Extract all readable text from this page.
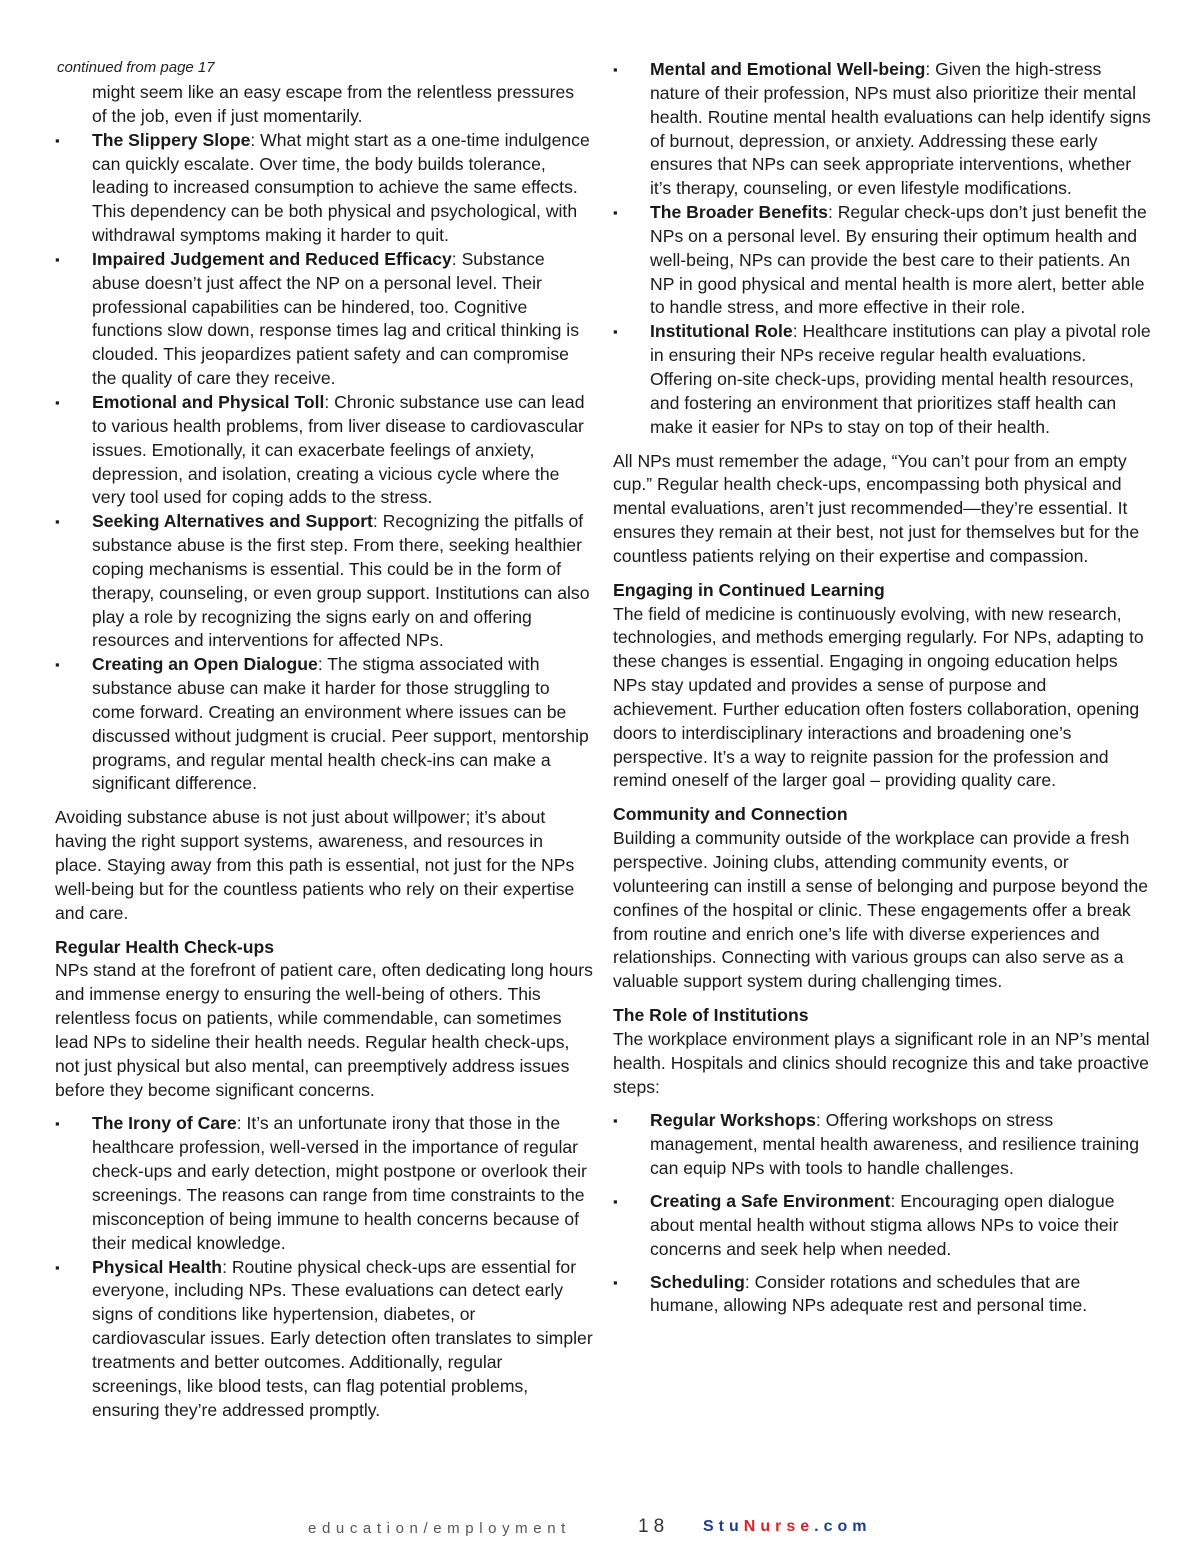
continued from page 17

might seem like an easy escape from the relentless pressures of the job, even if just momentarily.

▪ The Slippery Slope: What might start as a one-time indulgence can quickly escalate. Over time, the body builds tolerance, leading to increased consumption to achieve the same effects. This dependency can be both physical and psychological, with withdrawal symptoms making it harder to quit.
▪ Impaired Judgement and Reduced Efficacy: Substance abuse doesn’t just affect the NP on a personal level. Their professional capabilities can be hindered, too. Cognitive functions slow down, response times lag and critical thinking is clouded. This jeopardizes patient safety and can compromise the quality of care they receive.
▪ Emotional and Physical Toll: Chronic substance use can lead to various health problems, from liver disease to cardiovascular issues. Emotionally, it can exacerbate feelings of anxiety, depression, and isolation, creating a vicious cycle where the very tool used for coping adds to the stress.
▪ Seeking Alternatives and Support: Recognizing the pitfalls of substance abuse is the first step. From there, seeking healthier coping mechanisms is essential. This could be in the form of therapy, counseling, or even group support. Institutions can also play a role by recognizing the signs early on and offering resources and interventions for affected NPs.
▪ Creating an Open Dialogue: The stigma associated with substance abuse can make it harder for those struggling to come forward. Creating an environment where issues can be discussed without judgment is crucial. Peer support, mentorship programs, and regular mental health check-ins can make a significant difference.

Avoiding substance abuse is not just about willpower; it’s about having the right support systems, awareness, and resources in place. Staying away from this path is essential, not just for the NPs well-being but for the countless patients who rely on their expertise and care.

Regular Health Check-ups

NPs stand at the forefront of patient care, often dedicating long hours and immense energy to ensuring the well-being of others. This relentless focus on patients, while commendable, can sometimes lead NPs to sideline their health needs. Regular health check-ups, not just physical but also mental, can preemptively address issues before they become significant concerns.

▪ The Irony of Care: It’s an unfortunate irony that those in the healthcare profession, well-versed in the importance of regular check-ups and early detection, might postpone or overlook their screenings. The reasons can range from time constraints to the misconception of being immune to health concerns because of their medical knowledge.
▪ Physical Health: Routine physical check-ups are essential for everyone, including NPs. These evaluations can detect early signs of conditions like hypertension, diabetes, or cardiovascular issues. Early detection often translates to simpler treatments and better outcomes. Additionally, regular screenings, like blood tests, can flag potential problems, ensuring they’re addressed promptly.
▪ Mental and Emotional Well-being: Given the high-stress nature of their profession, NPs must also prioritize their mental health. Routine mental health evaluations can help identify signs of burnout, depression, or anxiety. Addressing these early ensures that NPs can seek appropriate interventions, whether it’s therapy, counseling, or even lifestyle modifications.
▪ The Broader Benefits: Regular check-ups don’t just benefit the NPs on a personal level. By ensuring their optimum health and well-being, NPs can provide the best care to their patients. An NP in good physical and mental health is more alert, better able to handle stress, and more effective in their role.
▪ Institutional Role: Healthcare institutions can play a pivotal role in ensuring their NPs receive regular health evaluations. Offering on-site check-ups, providing mental health resources, and fostering an environment that prioritizes staff health can make it easier for NPs to stay on top of their health.

All NPs must remember the adage, “You can’t pour from an empty cup.” Regular health check-ups, encompassing both physical and mental evaluations, aren’t just recommended—they’re essential. It ensures they remain at their best, not just for themselves but for the countless patients relying on their expertise and compassion.

Engaging in Continued Learning

The field of medicine is continuously evolving, with new research, technologies, and methods emerging regularly. For NPs, adapting to these changes is essential. Engaging in ongoing education helps NPs stay updated and provides a sense of purpose and achievement. Further education often fosters collaboration, opening doors to interdisciplinary interactions and broadening one’s perspective. It’s a way to reignite passion for the profession and remind oneself of the larger goal – providing quality care.

Community and Connection

Building a community outside of the workplace can provide a fresh perspective. Joining clubs, attending community events, or volunteering can instill a sense of belonging and purpose beyond the confines of the hospital or clinic. These engagements offer a break from routine and enrich one’s life with diverse experiences and relationships. Connecting with various groups can also serve as a valuable support system during challenging times.

The Role of Institutions

The workplace environment plays a significant role in an NP’s mental health. Hospitals and clinics should recognize this and take proactive steps:

▪ Regular Workshops: Offering workshops on stress management, mental health awareness, and resilience training can equip NPs with tools to handle challenges.
▪ Creating a Safe Environment: Encouraging open dialogue about mental health without stigma allows NPs to voice their concerns and seek help when needed.
▪ Scheduling: Consider rotations and schedules that are humane, allowing NPs adequate rest and personal time.
education/employment	18 StuNurse.com
